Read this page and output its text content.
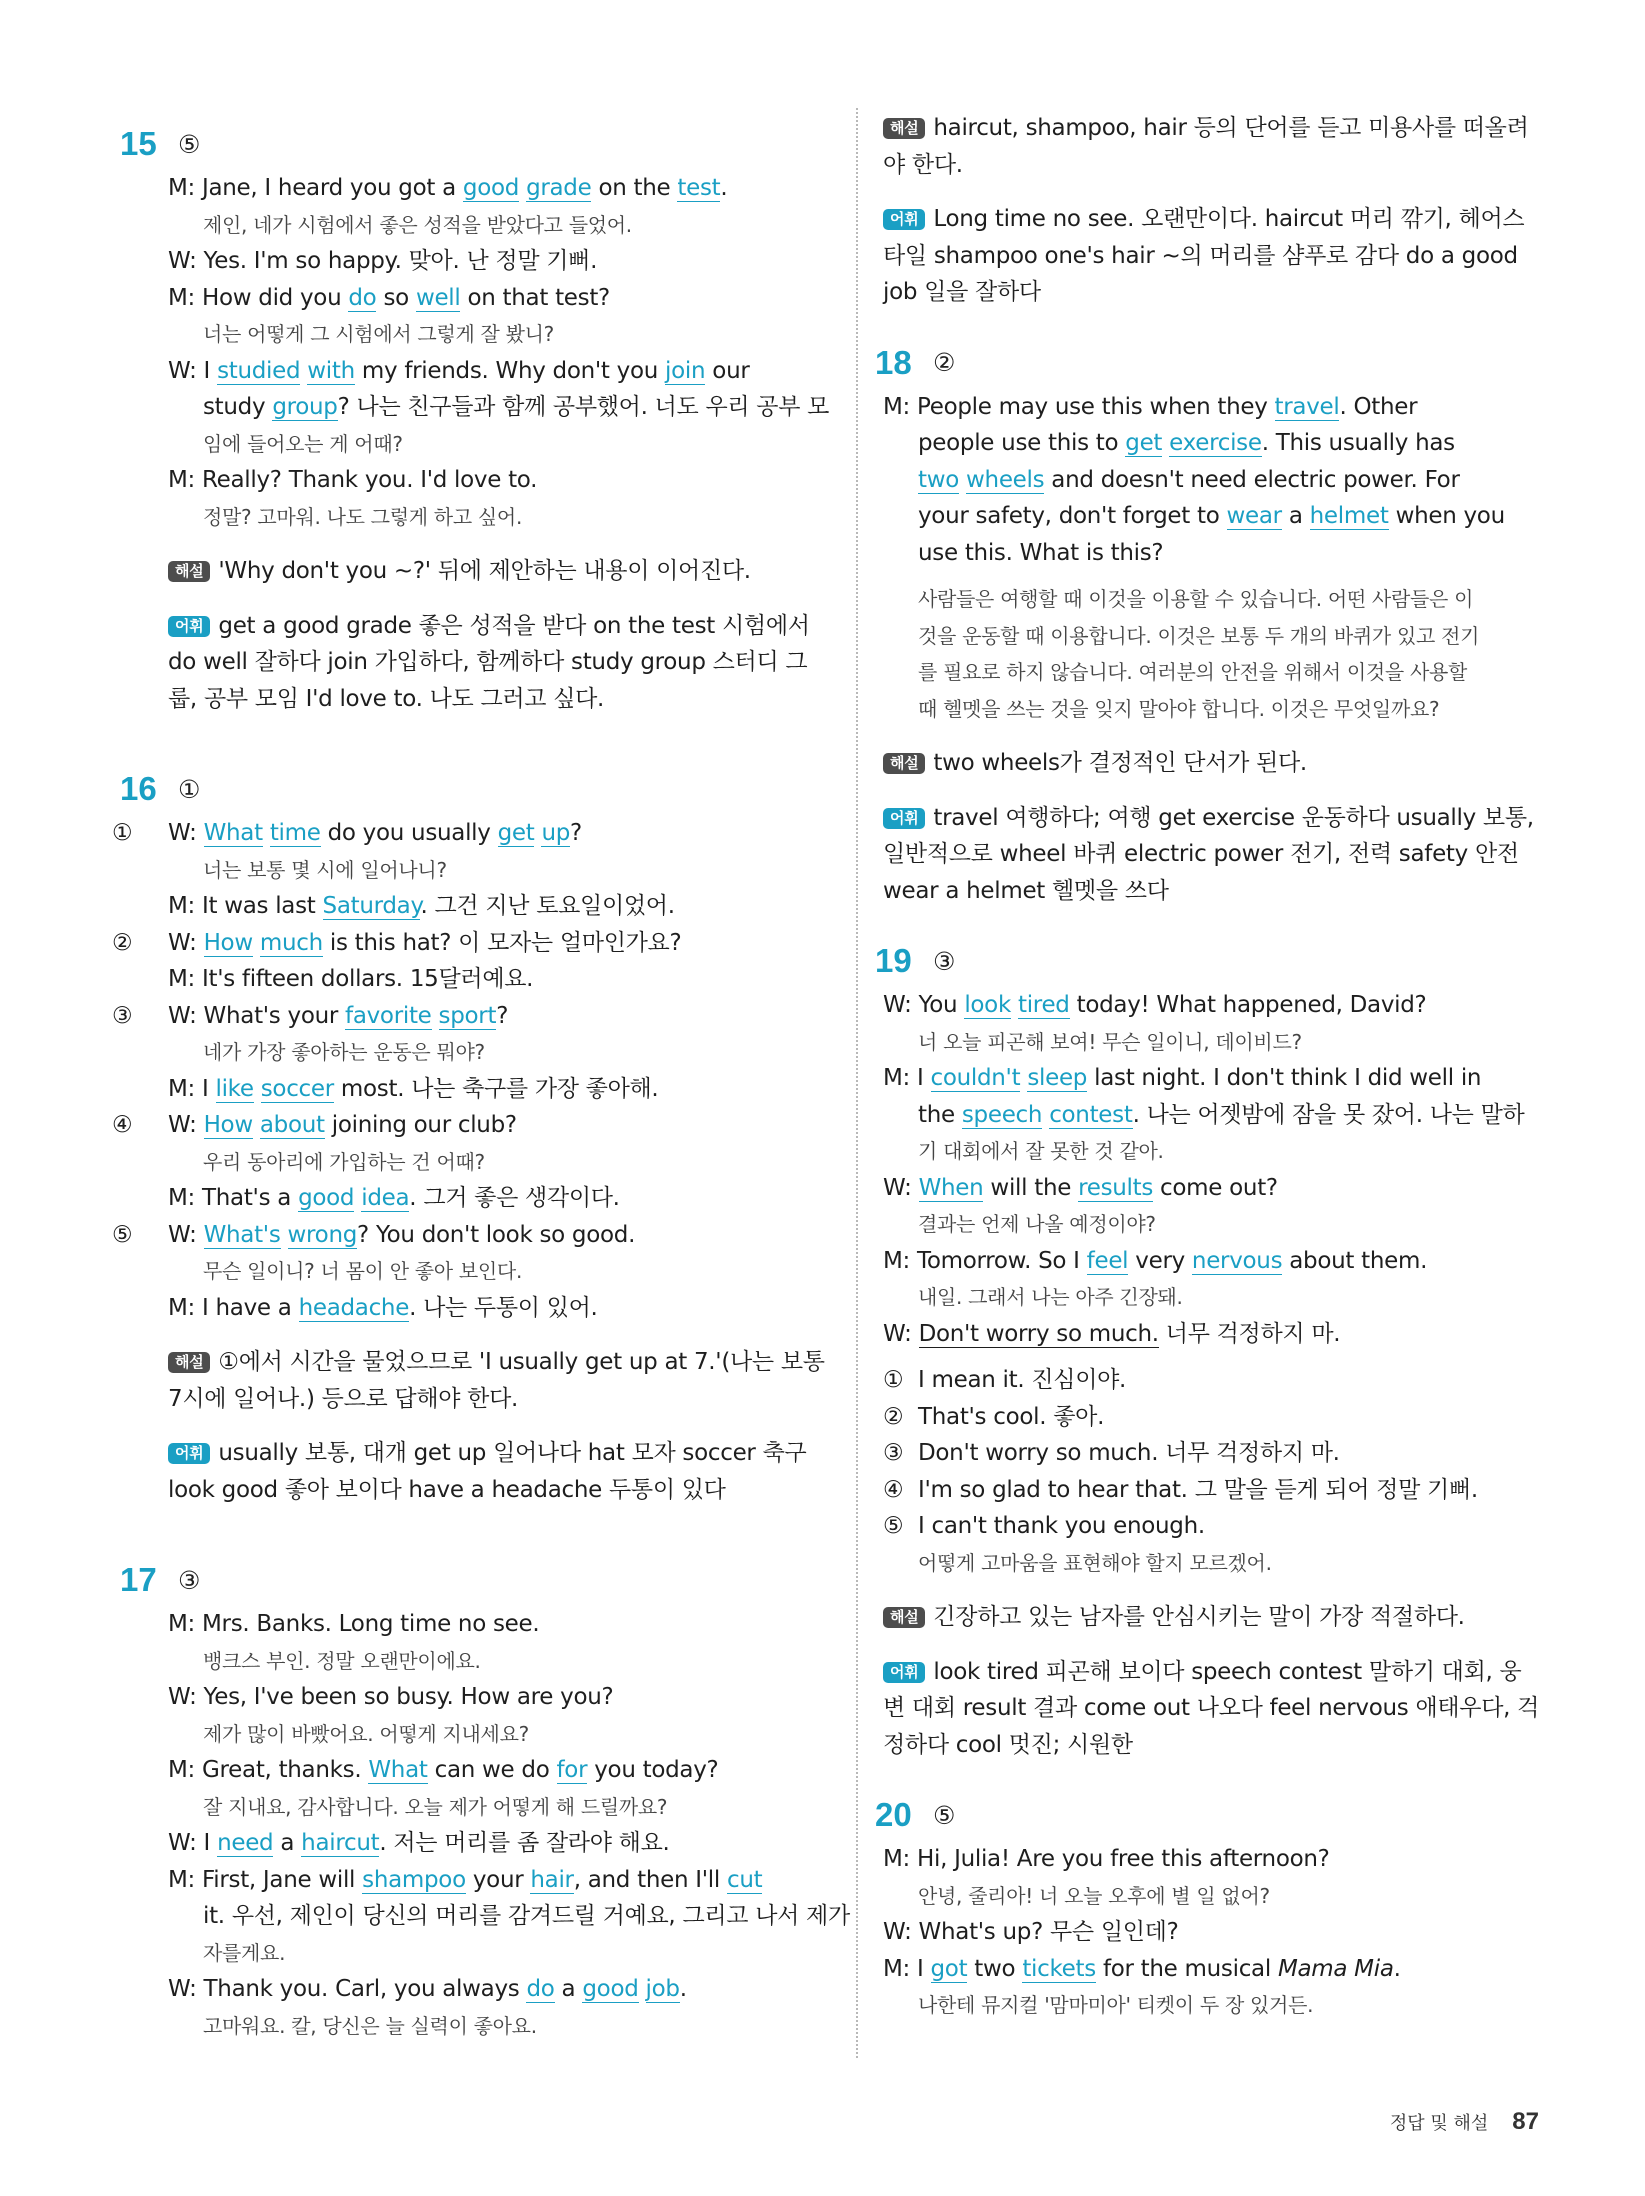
15 ⑤
M: Jane, I heard you got a good grade on the test.
제인, 네가 시험에서 좋은 성적을 받았다고 들었어.
W: Yes. I'm so happy. 맞아. 난 정말 기뻐.
M: How did you do so well on that test?
너는 어떻게 그 시험에서 그렇게 잘 봤니?
W: I studied with my friends. Why don't you join our
study group? 나는 친구들과 함께 공부했어. 너도 우리 공부 모
임에 들어오는 게 어때?
M: Really? Thank you. I'd love to.
정말? 고마워. 나도 그렇게 하고 싶어.
해설 'Why don't you ~?' 뒤에 제안하는 내용이 이어진다.
어휘 get a good grade 좋은 성적을 받다 on the test 시험에서
do well 잘하다 join 가입하다, 함께하다 study group 스터디 그
룹, 공부 모임 I'd love to. 나도 그러고 싶다.
16 ①
① W: What time do you usually get up?
너는 보통 몇 시에 일어나니?
M: It was last Saturday. 그건 지난 토요일이었어.
② W: How much is this hat? 이 모자는 얼마인가요?
M: It's fifteen dollars. 15달러예요.
③ W: What's your favorite sport?
네가 가장 좋아하는 운동은 뭐야?
M: I like soccer most. 나는 축구를 가장 좋아해.
④ W: How about joining our club?
우리 동아리에 가입하는 건 어때?
M: That's a good idea. 그거 좋은 생각이다.
⑤ W: What's wrong? You don't look so good.
무슨 일이니? 너 몸이 안 좋아 보인다.
M: I have a headache. 나는 두통이 있어.
해설 ①에서 시간을 물었으므로 'I usually get up at 7.'(나는 보통
7시에 일어나.) 등으로 답해야 한다.
어휘 usually 보통, 대개 get up 일어나다 hat 모자 soccer 축구
look good 좋아 보이다 have a headache 두통이 있다
17 ③
M: Mrs. Banks. Long time no see.
뱅크스 부인. 정말 오랜만이에요.
W: Yes, I've been so busy. How are you?
제가 많이 바빴어요. 어떻게 지내세요?
M: Great, thanks. What can we do for you today?
잘 지내요, 감사합니다. 오늘 제가 어떻게 해 드릴까요?
W: I need a haircut. 저는 머리를 좀 잘라야 해요.
M: First, Jane will shampoo your hair, and then I'll cut
it. 우선, 제인이 당신의 머리를 감겨드릴 거예요, 그리고 나서 제가
자를게요.
W: Thank you. Carl, you always do a good job.
고마워요. 칼, 당신은 늘 실력이 좋아요.
해설 haircut, shampoo, hair 등의 단어를 듣고 미용사를 떠올려
야 한다.
어휘 Long time no see. 오랜만이다. haircut 머리 깎기, 헤어스
타일 shampoo one's hair ~의 머리를 샴푸로 감다 do a good
job 일을 잘하다
18 ②
M: People may use this when they travel. Other
people use this to get exercise. This usually has
two wheels and doesn't need electric power. For
your safety, don't forget to wear a helmet when you
use this. What is this?
사람들은 여행할 때 이것을 이용할 수 있습니다. 어떤 사람들은 이
것을 운동할 때 이용합니다. 이것은 보통 두 개의 바퀴가 있고 전기
를 필요로 하지 않습니다. 여러분의 안전을 위해서 이것을 사용할
때 헬멧을 쓰는 것을 잊지 말아야 합니다. 이것은 무엇일까요?
해설 two wheels가 결정적인 단서가 된다.
어휘 travel 여행하다; 여행 get exercise 운동하다 usually 보통,
일반적으로 wheel 바퀴 electric power 전기, 전력 safety 안전
wear a helmet 헬멧을 쓰다
19 ③
W: You look tired today! What happened, David?
너 오늘 피곤해 보여! 무슨 일이니, 데이비드?
M: I couldn't sleep last night. I don't think I did well in
the speech contest. 나는 어젯밤에 잠을 못 잤어. 나는 말하
기 대회에서 잘 못한 것 같아.
W: When will the results come out?
결과는 언제 나올 예정이야?
M: Tomorrow. So I feel very nervous about them.
내일. 그래서 나는 아주 긴장돼.
W: Don't worry so much. 너무 걱정하지 마.
① I mean it. 진심이야.
② That's cool. 좋아.
③ Don't worry so much. 너무 걱정하지 마.
④ I'm so glad to hear that. 그 말을 듣게 되어 정말 기뻐.
⑤ I can't thank you enough.
어떻게 고마움을 표현해야 할지 모르겠어.
해설 긴장하고 있는 남자를 안심시키는 말이 가장 적절하다.
어휘 look tired 피곤해 보이다 speech contest 말하기 대회, 웅
변 대회 result 결과 come out 나오다 feel nervous 애태우다, 걱
정하다 cool 멋진; 시원한
20 ⑤
M: Hi, Julia! Are you free this afternoon?
안녕, 줄리아! 너 오늘 오후에 별 일 없어?
W: What's up? 무슨 일인데?
M: I got two tickets for the musical Mama Mia.
나한테 뮤지컬 '맘마미아' 티켓이 두 장 있거든.
정답 및 해설 87
